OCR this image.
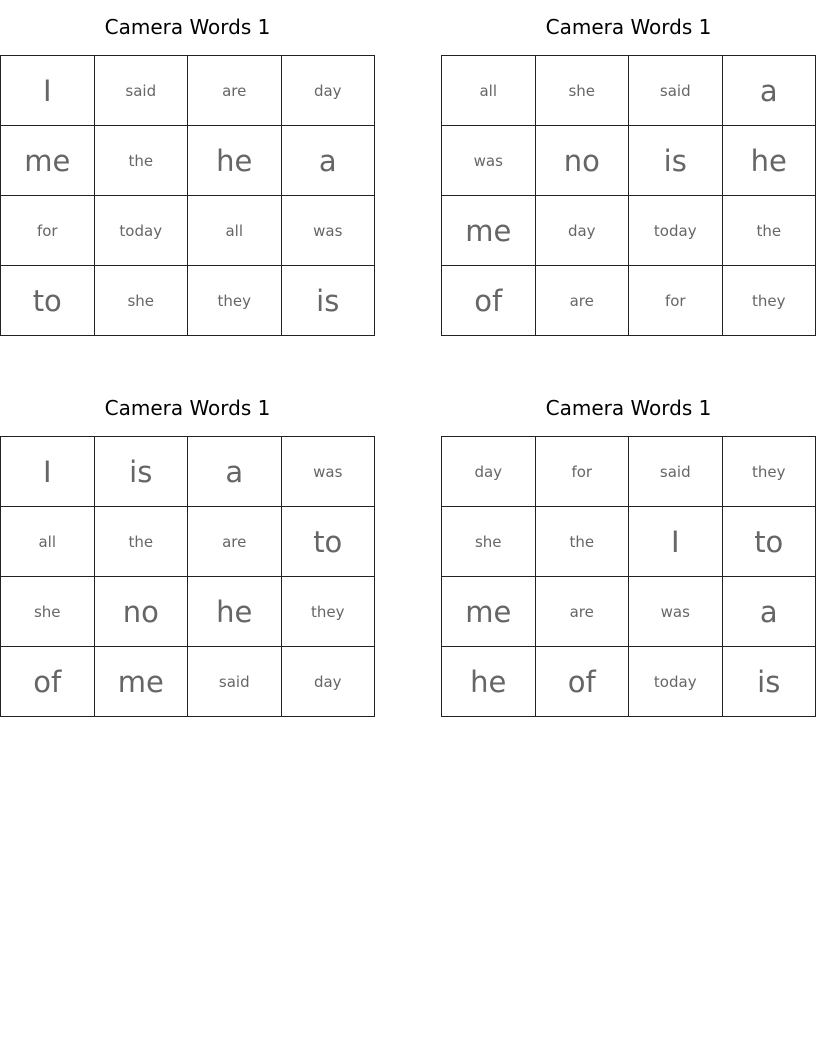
Camera Words 1
I	said	are	day
me	the	he	a
for	today	all	was
to	she	they	is
Camera Words 1
all	she	said	a
was	no	is	he
me	day	today	the
of	are	for	they
Camera Words 1
I	is	a	was
all	the	are	to
she	no	he	they
of	me	said	day
Camera Words 1
day	for	said	they
she	the	I	to
me	are	was	a
he	of	today	is
